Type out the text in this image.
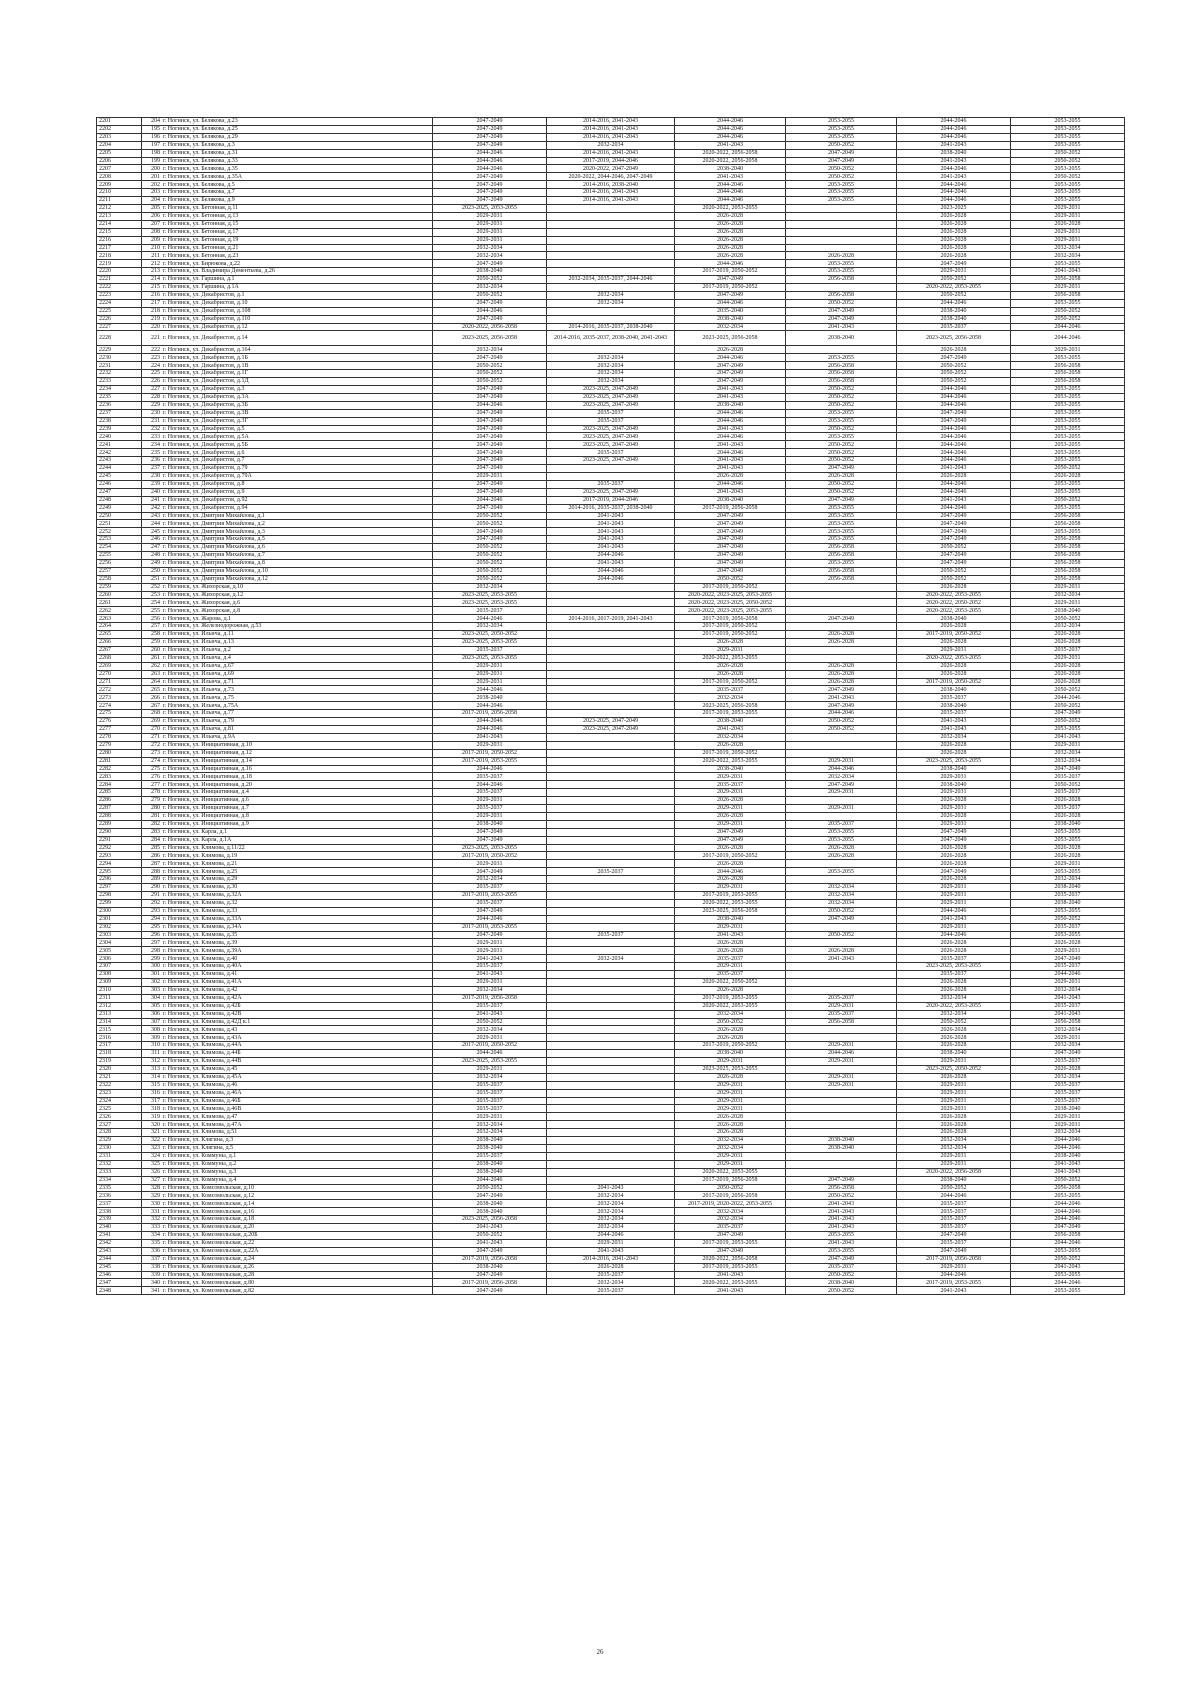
2201	204 г. Ногинск, ул. Белякова, д.23	2047-2049	2014-2016, 2041-2043	2044-2046	2053-2055	2044-2046	2053-2055
2202	195 г. Ногинск, ул. Белякова, д.25	2047-2049	2014-2016, 2041-2043	2044-2046	2053-2055	2044-2046	2053-2055
2203	196 г. Ногинск, ул. Белякова, д.29	2047-2049	2014-2016, 2041-2043	2044-2046	2053-2055	2044-2046	2053-2055
2204	197 г. Ногинск, ул. Белякова, д.3	2047-2049	2032-2034	2041-2043	2050-2052	2041-2043	2053-2055
2205	198 г. Ногинск, ул. Белякова, д.31	2044-2046	2014-2016, 2041-2043	2020-2022, 2056-2058	2047-2049	2038-2040	2050-2052
2206	199 г. Ногинск, ул. Белякова, д.33	2044-2046	2017-2019, 2044-2046	2020-2022, 2056-2058	2047-2049	2041-2043	2050-2052
2207	200 г. Ногинск, ул. Белякова, д.35	2044-2046	2020-2022, 2047-2049	2038-2040	2050-2052	2044-2046	2053-2055
2208	201 г. Ногинск, ул. Белякова, д.35А	2047-2049	2020-2022, 2044-2046, 2047-2049	2041-2043	2050-2052	2041-2043	2050-2052
2209	202 г. Ногинск, ул. Белякова, д.5	2047-2049	2014-2016, 2038-2040	2044-2046	2053-2055	2044-2046	2053-2055
2210	203 г. Ногинск, ул. Белякова, д.7	2047-2049	2014-2016, 2041-2043	2044-2046	2053-2055	2044-2046	2053-2055
2211	204 г. Ногинск, ул. Белякова, д.9	2047-2049	2014-2016, 2041-2043	2044-2046	2053-2055	2044-2046	2053-2055
2212	205 г. Ногинск, ул. Бетонная, д.11	2023-2025, 2053-2055		2020-2022, 2053-2055		2023-2025	2029-2031
2213	206 г. Ногинск, ул. Бетонная, д.13	2029-2031		2026-2028		2026-2028	2029-2031
2214	207 г. Ногинск, ул. Бетонная, д.15	2029-2031		2026-2028		2026-2028	2026-2028
2215	208 г. Ногинск, ул. Бетонная, д.17	2029-2031		2026-2028		2026-2028	2029-2031
2216	209 г. Ногинск, ул. Бетонная, д.19	2029-2031		2026-2028		2026-2028	2029-2031
2217	210 г. Ногинск, ул. Бетонная, д.21	2032-2034		2026-2028		2026-2028	2032-2034
2218	211 г. Ногинск, ул. Бетонная, д.23	2032-2034		2026-2028	2026-2028	2026-2028	2032-2034
2219	212 г. Ногинск, ул. Бирюкова, д.22	2047-2049		2044-2046	2053-2055	2047-2049	2053-2055
2220	213 г. Ногинск, ул. Владимира Дементьева, д.26	2038-2040		2017-2019, 2050-2052	2053-2055	2029-2031	2041-2043
2221	214 г. Ногинск, ул. Гаршина, д.1	2050-2052	2032-2034, 2035-2037, 2044-2046	2047-2049	2056-2058	2050-2052	2056-2058
2222	215 г. Ногинск, ул. Гаршина, д.1А	2032-2034		2017-2019, 2050-2052		2020-2022, 2053-2055	2029-2031
2223	216 г. Ногинск, ул. Декабристов, д.1	2050-2052	2032-2034	2047-2049	2056-2058	2050-2052	2056-2058
2224	217 г. Ногинск, ул. Декабристов, д.10	2047-2049	2032-2034	2044-2046	2050-2052	2044-2046	2053-2055
2225	218 г. Ногинск, ул. Декабристов, д.108	2044-2046		2035-2040	2047-2049	2038-2040	2050-2052
2226	219 г. Ногинск, ул. Декабристов, д.110	2047-2049		2038-2040	2047-2049	2038-2040	2050-2052
2227	220 г. Ногинск, ул. Декабристов, д.12	2020-2022, 2056-2058	2014-2016, 2035-2037, 2038-2040	2032-2034	2041-2043	2035-2037	2044-2046
2228	221 г. Ногинск, ул. Декабристов, д.14	2023-2025, 2056-2058	2014-2016, 2035-2037, 2038-2040, 2041-2043	2023-2025, 2056-2058	2038-2040	2023-2025, 2056-2058	2044-2046
2229	222 г. Ногинск, ул. Декабристов, д.164	2032-2034		2026-2028		2026-2028	2029-2031
2230	223 г. Ногинск, ул. Декабристов, д.1Б	2047-2049	2032-2034	2044-2046	2053-2055	2047-2049	2053-2055
2231	224 г. Ногинск, ул. Декабристов, д.1В	2050-2052	2032-2034	2047-2049	2056-2058	2050-2052	2056-2058
2232	225 г. Ногинск, ул. Декабристов, д.1Г	2050-2052	2032-2034	2047-2049	2056-2058	2050-2052	2056-2058
2233	226 г. Ногинск, ул. Декабристов, д.1Д	2050-2052	2032-2034	2047-2049	2056-2058	2050-2052	2056-2058
2234	227 г. Ногинск, ул. Декабристов, д.3	2047-2049	2023-2025, 2047-2049	2041-2043	2050-2052	2044-2046	2053-2055
2235	228 г. Ногинск, ул. Декабристов, д.3А	2047-2049	2023-2025, 2047-2049	2041-2043	2050-2052	2044-2046	2053-2055
2236	229 г. Ногинск, ул. Декабристов, д.3Б	2044-2046	2023-2025, 2047-2049	2038-2040	2050-2052	2044-2046	2053-2055
2237	230 г. Ногинск, ул. Декабристов, д.3В	2047-2049	2035-2037	2044-2046	2053-2055	2047-2049	2053-2055
2238	231 г. Ногинск, ул. Декабристов, д.3Г	2047-2049	2035-2037	2044-2046	2053-2055	2047-2049	2053-2055
2239	232 г. Ногинск, ул. Декабристов, д.5	2047-2049	2023-2025, 2047-2049	2041-2043	2050-2052	2044-2046	2053-2055
2240	233 г. Ногинск, ул. Декабристов, д.5А	2047-2049	2023-2025, 2047-2049	2044-2046	2053-2055	2044-2046	2053-2055
2241	234 г. Ногинск, ул. Декабристов, д.5Б	2047-2049	2023-2025, 2047-2049	2041-2043	2050-2052	2044-2046	2053-2055
2242	235 г. Ногинск, ул. Декабристов, д.6	2047-2049	2035-2037	2044-2046	2050-2052	2044-2046	2053-2055
2243	236 г. Ногинск, ул. Декабристов, д.7	2047-2049	2023-2025, 2047-2049	2041-2043	2050-2052	2044-2046	2053-2055
2244	237 г. Ногинск, ул. Декабристов, д.79	2047-2049		2041-2043	2047-2049	2041-2043	2050-2052
2245	238 г. Ногинск, ул. Декабристов, д.79А	2029-2031		2026-2028	2026-2028	2026-2028	2026-2028
2246	239 г. Ногинск, ул. Декабристов, д.8	2047-2049	2035-2037	2044-2046	2050-2052	2044-2046	2053-2055
2247	240 г. Ногинск, ул. Декабристов, д.9	2047-2049	2023-2025, 2047-2049	2041-2043	2050-2052	2044-2046	2053-2055
2248	241 г. Ногинск, ул. Декабристов, д.92	2044-2046	2017-2019, 2044-2046	2038-2040	2047-2049	2041-2043	2050-2052
2249	242 г. Ногинск, ул. Декабристов, д.94	2047-2049	2014-2016, 2035-2037, 2038-2040	2017-2019, 2056-2058	2053-2055	2044-2046	2053-2055
2250	243 г. Ногинск, ул. Дмитрия Михайлова, д.1	2050-2052	2041-2043	2047-2049	2053-2055	2047-2049	2056-2058
2251	244 г. Ногинск, ул. Дмитрия Михайлова, д.2	2050-2052	2041-2043	2047-2049	2053-2055	2047-2049	2056-2058
2252	245 г. Ногинск, ул. Дмитрия Михайлова, д.3	2047-2049	2041-2043	2047-2049	2053-2055	2047-2049	2053-2055
2253	246 г. Ногинск, ул. Дмитрия Михайлова, д.5	2047-2049	2041-2043	2047-2049	2053-2055	2047-2049	2056-2058
2254	247 г. Ногинск, ул. Дмитрия Михайлова, д.6	2050-2052	2041-2043	2047-2049	2056-2058	2050-2052	2056-2058
2255	248 г. Ногинск, ул. Дмитрия Михайлова, д.7	2050-2052	2044-2046	2047-2049	2056-2058	2047-2049	2056-2058
2256	249 г. Ногинск, ул. Дмитрия Михайлова, д.8	2050-2052	2041-2043	2047-2049	2053-2055	2047-2049	2056-2058
2257	250 г. Ногинск, ул. Дмитрия Михайлова, д.10	2050-2052	2044-2046	2047-2049	2056-2058	2050-2052	2056-2058
2258	251 г. Ногинск, ул. Дмитрия Михайлова, д.12	2050-2052	2044-2046	2050-2052	2056-2058	2050-2052	2056-2058
2259	252 г. Ногинск, ул. Жихорская, д.10	2032-2034		2017-2019, 2050-2052		2026-2028	2029-2031
2260	253 г. Ногинск, ул. Жихорская, д.12	2023-2025, 2053-2055		2020-2022, 2023-2025, 2053-2055		2020-2022, 2053-2055	2032-2034
2261	254 г. Ногинск, ул. Жихорская, д.6	2023-2025, 2053-2055		2020-2022, 2023-2025, 2050-2052		2020-2022, 2050-2052	2029-2031
2262	255 г. Ногинск, ул. Жихорская, д.8	2035-2037		2020-2022, 2023-2025, 2053-2055		2020-2022, 2053-2055	2038-2040
2263	256 г. Ногинск, ул. Жарова, д.1	2044-2046	2014-2016, 2017-2019, 2041-2043	2017-2019, 2056-2058	2047-2049	2038-2040	2050-2052
2264	257 г. Ногинск, ул. Железнодорожная, д.53	2032-2034		2017-2019, 2050-2052		2026-2028	2032-2034
2265	258 г. Ногинск, ул. Ильича, д.11	2023-2025, 2050-2052		2017-2019, 2050-2052	2026-2028	2017-2019, 2050-2052	2026-2028
2266	259 г. Ногинск, ул. Ильича, д.13	2023-2025, 2053-2055		2026-2028	2026-2028	2026-2028	2026-2028
2267	260 г. Ногинск, ул. Ильича, д.2	2035-2037		2029-2031		2029-2031	2035-2037
2268	261 г. Ногинск, ул. Ильича, д.4	2023-2025, 2053-2055		2020-2022, 2053-2055		2020-2022, 2053-2055	2029-2031
2269	262 г. Ногинск, ул. Ильича, д.67	2029-2031		2026-2028	2026-2028	2026-2028	2026-2028
2270	263 г. Ногинск, ул. Ильича, д.69	2029-2031		2026-2028	2026-2028	2026-2028	2026-2028
2271	264 г. Ногинск, ул. Ильича, д.71	2029-2031		2017-2019, 2050-2052	2026-2028	2017-2019, 2050-2052	2026-2028
2272	265 г. Ногинск, ул. Ильича, д.73	2044-2046		2035-2037	2047-2049	2038-2040	2050-2052
2273	266 г. Ногинск, ул. Ильича, д.75	2038-2040		2032-2034	2041-2043	2035-2037	2044-2046
2274	267 г. Ногинск, ул. Ильича, д.75А	2044-2046		2023-2025, 2056-2058	2047-2049	2038-2040	2050-2052
2275	268 г. Ногинск, ул. Ильича, д.77	2017-2019, 2056-2058		2017-2019, 2053-2055	2044-2046	2035-2037	2047-2049
2276	269 г. Ногинск, ул. Ильича, д.79	2044-2046	2023-2025, 2047-2049	2038-2040	2050-2052	2041-2043	2050-2052
2277	270 г. Ногинск, ул. Ильича, д.81	2044-2046	2023-2025, 2047-2049	2041-2043	2050-2052	2041-2043	2053-2055
2278	271 г. Ногинск, ул. Ильича, д.9А	2041-2043		2032-2034		2032-2034	2041-2043
2279	272 г. Ногинск, ул. Инициативная, д.10	2029-2031		2026-2028		2026-2028	2029-2031
2280	273 г. Ногинск, ул. Инициативная, д.12	2017-2019, 2050-2052		2017-2019, 2050-2052		2026-2028	2032-2034
2281	274 г. Ногинск, ул. Инициативная, д.14	2017-2019, 2053-2055		2020-2022, 2053-2055	2029-2031	2023-2025, 2053-2055	2032-2034
2282	275 г. Ногинск, ул. Инициативная, д.16	2044-2046		2038-2040	2044-2046	2038-2040	2047-2049
2283	276 г. Ногинск, ул. Инициативная, д.18	2035-2037		2029-2031	2032-2034	2029-2031	2035-2037
2284	277 г. Ногинск, ул. Инициативная, д.20	2044-2046		2035-2037	2047-2049	2038-2040	2050-2052
2285	278 г. Ногинск, ул. Инициативная, д.4	2035-2037		2029-2031	2029-2031	2029-2031	2035-2037
2286	279 г. Ногинск, ул. Инициативная, д.6	2029-2031		2026-2028		2026-2028	2026-2028
2287	280 г. Ногинск, ул. Инициативная, д.7	2035-2037		2029-2031	2029-2031	2029-2031	2035-2037
2288	281 г. Ногинск, ул. Инициативная, д.8	2029-2031		2026-2028		2026-2028	2026-2028
2289	282 г. Ногинск, ул. Инициативная, д.9	2038-2040		2029-2031	2035-2037	2029-2031	2038-2040
2290	283 г. Ногинск, ул. Карла, д.1	2047-2049		2047-2049	2053-2055	2047-2049	2053-2055
2291	284 г. Ногинск, ул. Карла, д.1А	2047-2049		2047-2049	2053-2055	2047-2049	2053-2055
2292	285 г. Ногинск, ул. Климова, д.11/22	2023-2025, 2053-2055		2026-2028	2026-2028	2026-2028	2026-2028
2293	286 г. Ногинск, ул. Климова, д.19	2017-2019, 2050-2052		2017-2019, 2050-2052	2026-2028	2026-2028	2026-2028
2294	287 г. Ногинск, ул. Климова, д.21	2029-2031		2026-2028		2026-2028	2029-2031
2295	288 г. Ногинск, ул. Климова, д.25	2047-2049	2035-2037	2044-2046	2053-2055	2047-2049	2053-2055
2296	289 г. Ногинск, ул. Климова, д.29	2032-2034		2026-2028		2026-2028	2032-2034
2297	290 г. Ногинск, ул. Климова, д.30	2035-2037		2029-2031	2032-2034	2029-2031	2038-2040
2298	291 г. Ногинск, ул. Климова, д.32А	2017-2019, 2053-2055		2017-2019, 2053-2055	2032-2034	2029-2031	2035-2037
2299	292 г. Ногинск, ул. Климова, д.32	2035-2037		2020-2022, 2053-2055	2032-2034	2029-2031	2038-2040
2300	293 г. Ногинск, ул. Климова, д.33	2047-2049		2023-2025, 2056-2058	2050-2052	2044-2046	2053-2055
2301	294 г. Ногинск, ул. Климова, д.33А	2044-2046		2038-2040	2047-2049	2041-2043	2050-2052
2302	295 г. Ногинск, ул. Климова, д.34А	2017-2019, 2053-2055		2029-2031		2029-2031	2035-2037
2303	296 г. Ногинск, ул. Климова, д.35	2047-2049	2035-2037	2041-2043	2050-2052	2044-2046	2053-2055
2304	297 г. Ногинск, ул. Климова, д.39	2029-2031		2026-2028		2026-2028	2026-2028
2305	298 г. Ногинск, ул. Климова, д.39А	2029-2031		2026-2028	2026-2028	2026-2028	2029-2031
2306	299 г. Ногинск, ул. Климова, д.40	2041-2043	2032-2034	2035-2037	2041-2043	2035-2037	2047-2049
2307	300 г. Ногинск, ул. Климова, д.40А	2035-2037		2029-2031		2023-2025, 2053-2055	2035-2037
2308	301 г. Ногинск, ул. Климова, д.41	2041-2043		2035-2037		2035-2037	2044-2046
2309	302 г. Ногинск, ул. Климова, д.41А	2029-2031		2020-2022, 2050-2052		2026-2028	2029-2031
2310	303 г. Ногинск, ул. Климова, д.42	2032-2034		2026-2028		2026-2028	2032-2034
2311	304 г. Ногинск, ул. Климова, д.42А	2017-2019, 2056-2058		2017-2019, 2053-2055	2035-2037	2032-2034	2041-2043
2312	305 г. Ногинск, ул. Климова, д.42Б	2035-2037		2020-2022, 2053-2055	2029-2031	2020-2022, 2053-2055	2035-2037
2313	306 г. Ногинск, ул. Климова, д.42В	2041-2043		2032-2034	2035-2037	2032-2034	2041-2043
2314	307 г. Ногинск, ул. Климова, д.42Д к.1	2050-2052		2050-2052	2056-2058	2050-2052	2056-2058
2315	308 г. Ногинск, ул. Климова, д.43	2032-2034		2026-2028		2026-2028	2032-2034
2316	309 г. Ногинск, ул. Климова, д.43А	2029-2031		2026-2028		2026-2028	2029-2031
2317	310 г. Ногинск, ул. Климова, д.44А	2017-2019, 2050-2052		2017-2019, 2050-2052	2029-2031	2026-2028	2032-2034
2318	311 г. Ногинск, ул. Климова, д.44Б	2044-2046		2038-2040	2044-2046	2038-2040	2047-2049
2319	312 г. Ногинск, ул. Климова, д.44В	2023-2025, 2053-2055		2029-2031	2029-2031	2029-2031	2035-2037
2320	313 г. Ногинск, ул. Климова, д.45	2029-2031		2023-2025, 2053-2055		2023-2025, 2050-2052	2026-2028
2321	314 г. Ногинск, ул. Климова, д.45А	2032-2034		2026-2028	2029-2031	2026-2028	2032-2034
2322	315 г. Ногинск, ул. Климова, д.46	2035-2037		2029-2031	2029-2031	2029-2031	2035-2037
2323	316 г. Ногинск, ул. Климова, д.46А	2035-2037		2029-2031		2029-2031	2035-2037
2324	317 г. Ногинск, ул. Климова, д.46Б	2035-2037		2029-2031		2029-2031	2035-2037
2325	318 г. Ногинск, ул. Климова, д.46В	2035-2037		2029-2031		2029-2031	2038-2040
2326	319 г. Ногинск, ул. Климова, д.47	2029-2031		2026-2028		2026-2028	2029-2031
2327	320 г. Ногинск, ул. Климова, д.47А	2032-2034		2026-2028		2026-2028	2029-2031
2328	321 г. Ногинск, ул. Климова, д.51	2032-2034		2026-2028		2026-2028	2032-2034
2329	322 г. Ногинск, ул. Клягина, д.3	2038-2040		2032-2034	2038-2040	2032-2034	2044-2046
2330	323 г. Ногинск, ул. Клягина, д.5	2038-2040		2032-2034	2038-2040	2032-2034	2044-2046
2331	324 г. Ногинск, ул. Коммуны, д.1	2035-2037		2029-2031		2029-2031	2038-2040
2332	325 г. Ногинск, ул. Коммуны, д.2	2038-2040		2029-2031		2029-2031	2041-2043
2333	326 г. Ногинск, ул. Коммуны, д.3	2038-2040		2020-2022, 2053-2055		2020-2022, 2056-2058	2041-2043
2334	327 г. Ногинск, ул. Коммуны, д.4	2044-2046		2017-2019, 2056-2058	2047-2049	2038-2040	2050-2052
2335	328 г. Ногинск, ул. Комсомольская, д.10	2050-2052	2041-2043	2050-2052	2056-2058	2050-2052	2056-2058
2336	329 г. Ногинск, ул. Комсомольская, д.12	2047-2049	2032-2034	2017-2019, 2056-2058	2050-2052	2044-2046	2053-2055
2337	330 г. Ногинск, ул. Комсомольская, д.14	2038-2040	2032-2034	2017-2019, 2020-2022, 2053-2055	2041-2043	2035-2037	2044-2046
2338	331 г. Ногинск, ул. Комсомольская, д.16	2038-2040	2032-2034	2032-2034	2041-2043	2035-2037	2044-2046
2339	332 г. Ногинск, ул. Комсомольская, д.18	2023-2025, 2056-2058	2032-2034	2032-2034	2041-2043	2035-2037	2044-2046
2340	333 г. Ногинск, ул. Комсомольская, д.20	2041-2043	2032-2034	2035-2037	2041-2043	2035-2037	2047-2049
2341	334 г. Ногинск, ул. Комсомольская, д.20Б	2050-2052	2044-2046	2047-2049	2053-2055	2047-2049	2056-2058
2342	335 г. Ногинск, ул. Комсомольская, д.22	2041-2043	2029-2031	2017-2019, 2053-2055	2041-2043	2035-2037	2044-2046
2343	336 г. Ногинск, ул. Комсомольская, д.22А	2047-2049	2041-2043	2047-2049	2053-2055	2047-2049	2053-2055
2344	337 г. Ногинск, ул. Комсомольская, д.24	2017-2019, 2056-2058	2014-2016, 2041-2043	2020-2022, 2056-2058	2047-2049	2017-2019, 2056-2058	2050-2052
2345	338 г. Ногинск, ул. Комсомольская, д.26	2038-2040	2026-2028	2017-2019, 2053-2055	2035-2037	2029-2031	2041-2043
2346	339 г. Ногинск, ул. Комсомольская, д.28	2047-2049	2035-2037	2041-2043	2050-2052	2044-2046	2053-2055
2347	340 г. Ногинск, ул. Комсомольская, д.80	2017-2019, 2056-2058	2032-2034	2020-2022, 2053-2055	2038-2040	2017-2019, 2053-2055	2044-2046
2348	341 г. Ногинск, ул. Комсомольская, д.82	2047-2049	2035-2037	2041-2043	2050-2052	2041-2043	2053-2055
26
